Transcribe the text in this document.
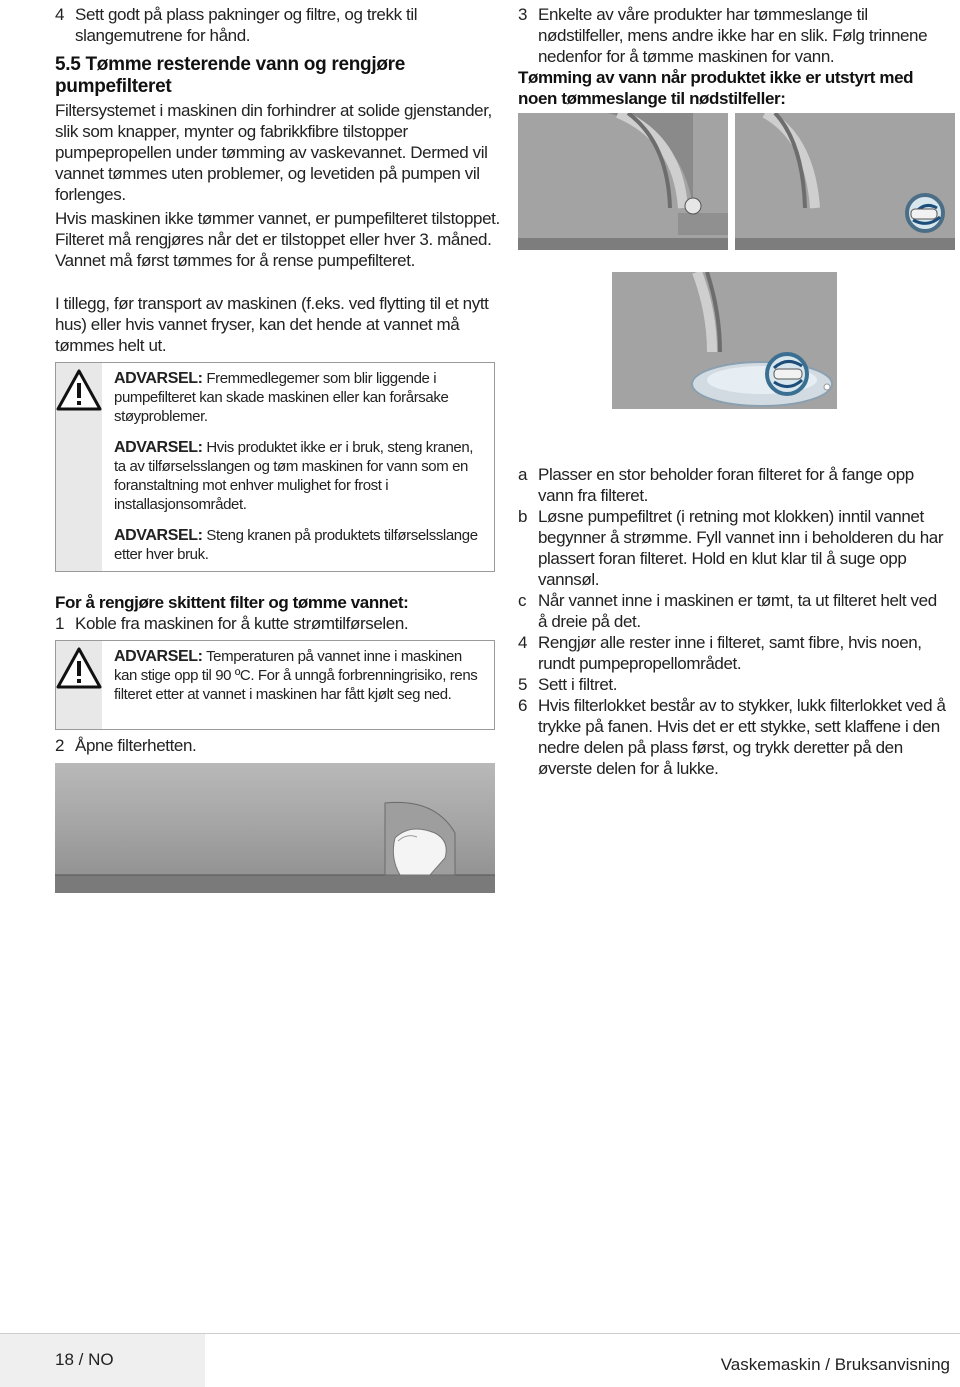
4 Sett godt på plass pakninger og filtre, og trekk til slangemutrene for hånd.
5.5 Tømme resterende vann og rengjøre pumpefilteret
Filtersystemet i maskinen din forhindrer at solide gjenstander, slik som knapper, mynter og fabrikkfibre tilstopper pumpepropellen under tømming av vaskevannet. Dermed vil vannet tømmes uten problemer, og levetiden på pumpen vil forlenges.
Hvis maskinen ikke tømmer vannet, er pumpefilteret tilstoppet. Filteret må rengjøres når det er tilstoppet eller hver 3. måned. Vannet må først tømmes for å rense pumpefilteret.
I tillegg, før transport av maskinen (f.eks. ved flytting til et nytt hus) eller hvis vannet fryser, kan det hende at vannet må tømmes helt ut.

ADVARSEL: Fremmedlegemer som blir liggende i pumpefilteret kan skade maskinen eller kan forårsake støyproblemer.

ADVARSEL: Hvis produktet ikke er i bruk, steng kranen, ta av tilførselsslangen og tøm maskinen for vann som en foranstaltning mot enhver mulighet for frost i installasjonsområdet.

ADVARSEL: Steng kranen på produktets tilførselsslange etter hver bruk.

For å rengjøre skittent filter og tømme vannet:
1 Koble fra maskinen for å kutte strømtilførselen.

ADVARSEL: Temperaturen på vannet inne i maskinen kan stige opp til 90 ºC. For å unngå forbrenningrisiko, rens filteret etter at vannet i maskinen har fått kjølt seg ned.

2 Åpne filterhetten.
3 Enkelte av våre produkter har tømmeslange til nødstilfeller, mens andre ikke har en slik. Følg trinnene nedenfor for å tømme maskinen for vann.
Tømming av vann når produktet ikke er utstyrt med noen tømmeslange til nødstilfeller:
a Plasser en stor beholder foran filteret for å fange opp vann fra filteret.
b Løsne pumpefiltret (i retning mot klokken) inntil vannet begynner å strømme. Fyll vannet inn i beholderen du har plassert foran filteret. Hold en klut klar til å suge opp vannsøl.
c Når vannet inne i maskinen er tømt, ta ut filteret helt ved å dreie på det.
4 Rengjør alle rester inne i filteret, samt fibre, hvis noen, rundt pumpepropellområdet.
5 Sett i filtret.
6 Hvis filterlokket består av to stykker, lukk filterlokket ved å trykke på fanen. Hvis det er ett stykke, sett klaffene i den nedre delen på plass først, og trykk deretter på den øverste delen for å lukke.
18 / NO	Vaskemaskin / Bruksanvisning
